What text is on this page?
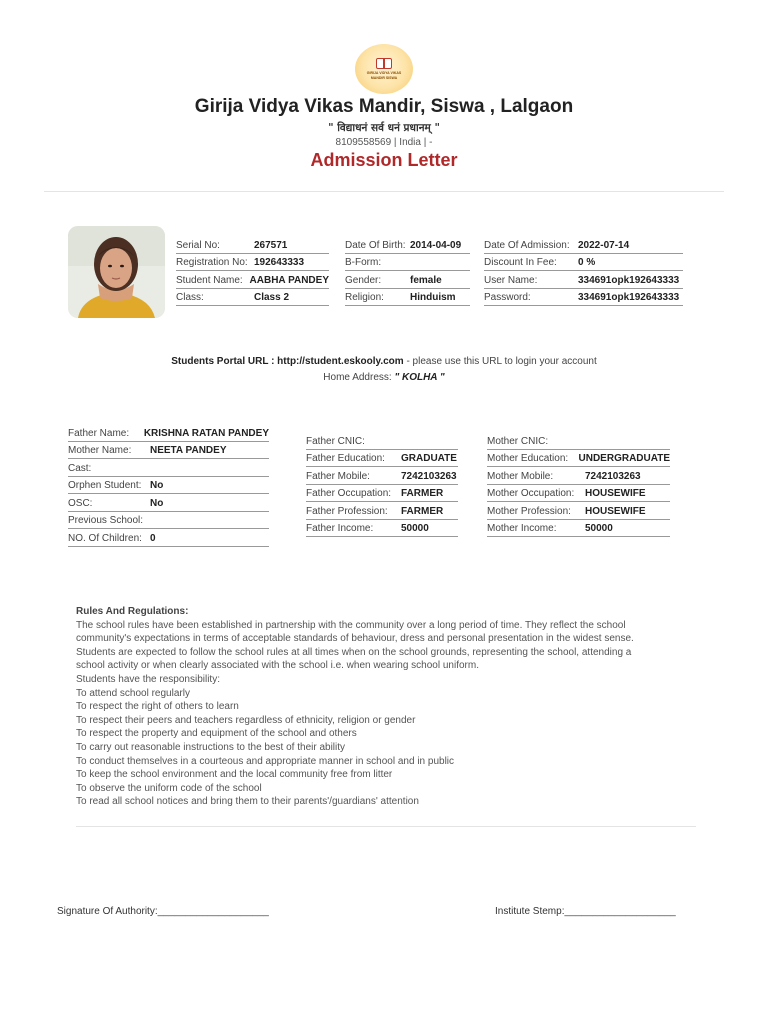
GIRIJA VIDYA VIKAS
MANDIR SISWA
Girija Vidya Vikas Mandir, Siswa , Lalgaon
" विद्याधनं सर्व धनं प्रधानम् "
8109558569 | India | -
Admission Letter
Serial No:	267571
Registration No: 192643333
Student Name: AABHA PANDEY
Class:	Class 2
Date Of Birth: 2014-04-09
B-Form:
Gender:	female
Religion:	Hinduism
Date Of Admission: 2022-07-14
Discount In Fee:	0 %
User Name:	334691opk192643333
Password:	334691opk192643333
Students Portal URL : http://student.eskooly.com - please use this URL to login your account
Home Address: " KOLHA "
Father Name:	KRISHNA RATAN PANDEY
Mother Name:	NEETA PANDEY
Cast:
Orphen Student: No
OSC:	No
Previous School:
NO. Of Children: 0
Father CNIC:
Father Education:	GRADUATE
Father Mobile:	7242103263
Father Occupation: FARMER
Father Profession:	FARMER
Father Income:	50000
Mother CNIC:
Mother Education:	UNDERGRADUATE
Mother Mobile:	7242103263
Mother Occupation:	HOUSEWIFE
Mother Profession:	HOUSEWIFE
Mother Income:	50000
Rules And Regulations:
The school rules have been established in partnership with the community over a long period of time. They reflect the school
community's expectations in terms of acceptable standards of behaviour, dress and personal presentation in the widest sense.
Students are expected to follow the school rules at all times when on the school grounds, representing the school, attending a
school activity or when clearly associated with the school i.e. when wearing school uniform.
Students have the responsibility:
To attend school regularly
To respect the right of others to learn
To respect their peers and teachers regardless of ethnicity, religion or gender
To respect the property and equipment of the school and others
To carry out reasonable instructions to the best of their ability
To conduct themselves in a courteous and appropriate manner in school and in public
To keep the school environment and the local community free from litter
To observe the uniform code of the school
To read all school notices and bring them to their parents'/guardians' attention
Signature Of Authority:____________________	Institute Stemp:____________________
